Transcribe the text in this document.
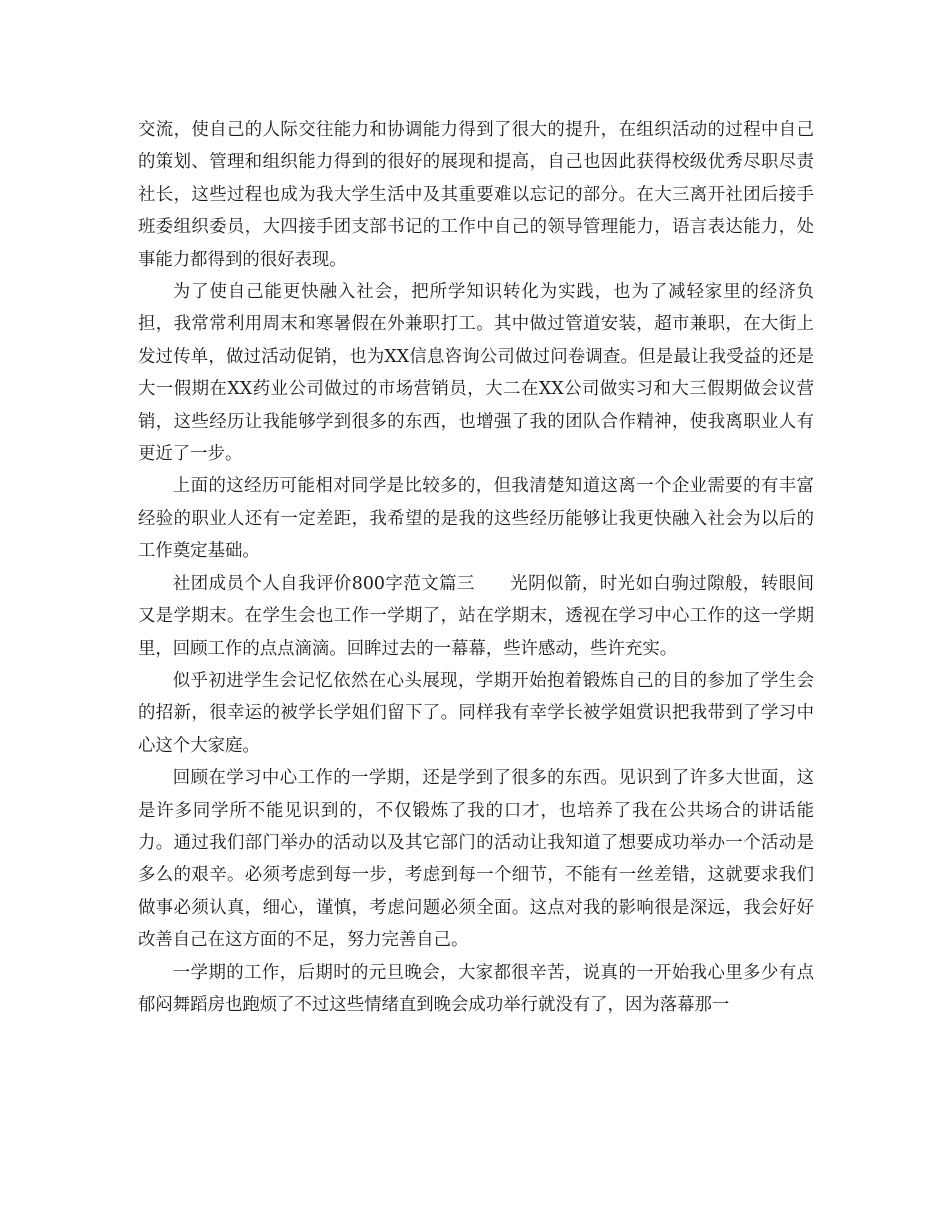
交流，使自己的人际交往能力和协调能力得到了很大的提升，在组织活动的过程中自己的策划、管理和组织能力得到的很好的展现和提高，自己也因此获得校级优秀尽职尽责社长，这些过程也成为我大学生活中及其重要难以忘记的部分。在大三离开社团后接手班委组织委员，大四接手团支部书记的工作中自己的领导管理能力，语言表达能力，处事能力都得到的很好表现。

为了使自己能更快融入社会，把所学知识转化为实践，也为了减轻家里的经济负担，我常常利用周末和寒暑假在外兼职打工。其中做过管道安装，超市兼职，在大街上发过传单，做过活动促销，也为XX信息咨询公司做过问卷调查。但是最让我受益的还是大一假期在XX药业公司做过的市场营销员，大二在XX公司做实习和大三假期做会议营销，这些经历让我能够学到很多的东西，也增强了我的团队合作精神，使我离职业人有更近了一步。

上面的这经历可能相对同学是比较多的，但我清楚知道这离一个企业需要的有丰富经验的职业人还有一定差距，我希望的是我的这些经历能够让我更快融入社会为以后的工作奠定基础。

社团成员个人自我评价800字范文篇三 光阴似箭，时光如白驹过隙般，转眼间又是学期末。在学生会也工作一学期了，站在学期末，透视在学习中心工作的这一学期里，回顾工作的点点滴滴。回眸过去的一幕幕，些许感动，些许充实。

似乎初进学生会记忆依然在心头展现，学期开始抱着锻炼自己的目的参加了学生会的招新，很幸运的被学长学姐们留下了。同样我有幸学长被学姐赏识把我带到了学习中心这个大家庭。

回顾在学习中心工作的一学期，还是学到了很多的东西。见识到了许多大世面，这是许多同学所不能见识到的，不仅锻炼了我的口才，也培养了我在公共场合的讲话能力。通过我们部门举办的活动以及其它部门的活动让我知道了想要成功举办一个活动是多么的艰辛。必须考虑到每一步，考虑到每一个细节，不能有一丝差错，这就要求我们做事必须认真，细心，谨慎，考虑问题必须全面。这点对我的影响很是深远，我会好好改善自己在这方面的不足，努力完善自己。

一学期的工作，后期时的元旦晚会，大家都很辛苦，说真的一开始我心里多少有点郁闷舞蹈房也跑烦了不过这些情绪直到晚会成功举行就没有了，因为落幕那一
